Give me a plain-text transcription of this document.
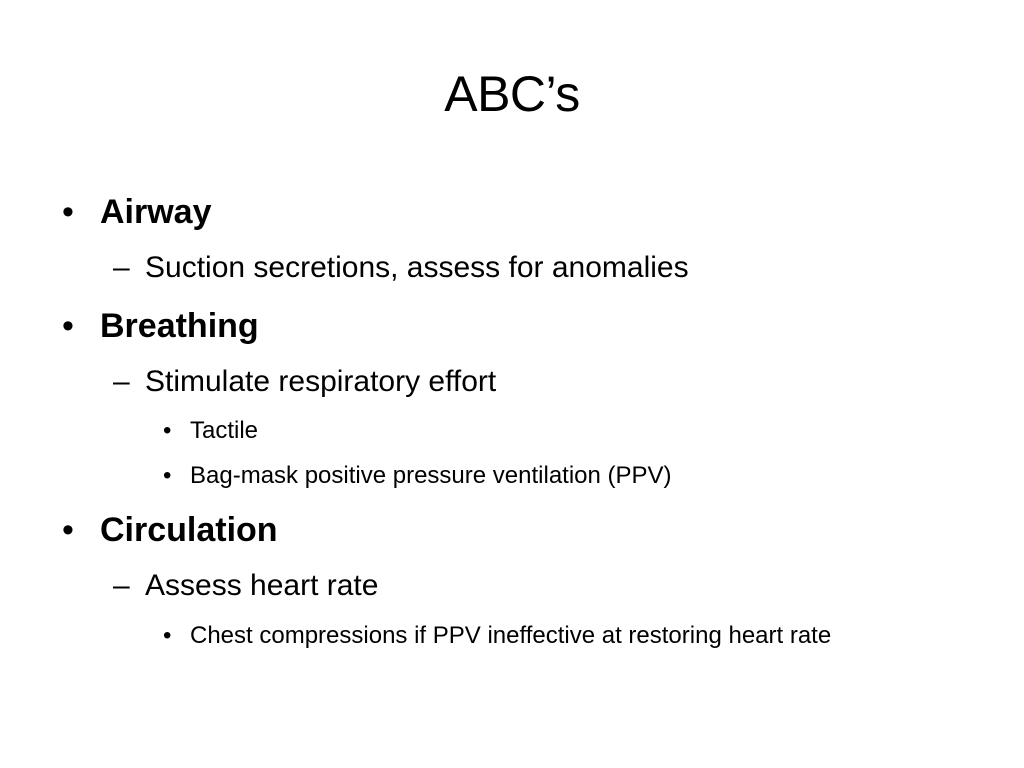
ABC’s
• Airway
– Suction secretions, assess for anomalies
• Breathing
– Stimulate respiratory effort
• Tactile
• Bag-mask positive pressure ventilation (PPV)
• Circulation
– Assess heart rate
• Chest compressions if PPV ineffective at restoring heart rate
